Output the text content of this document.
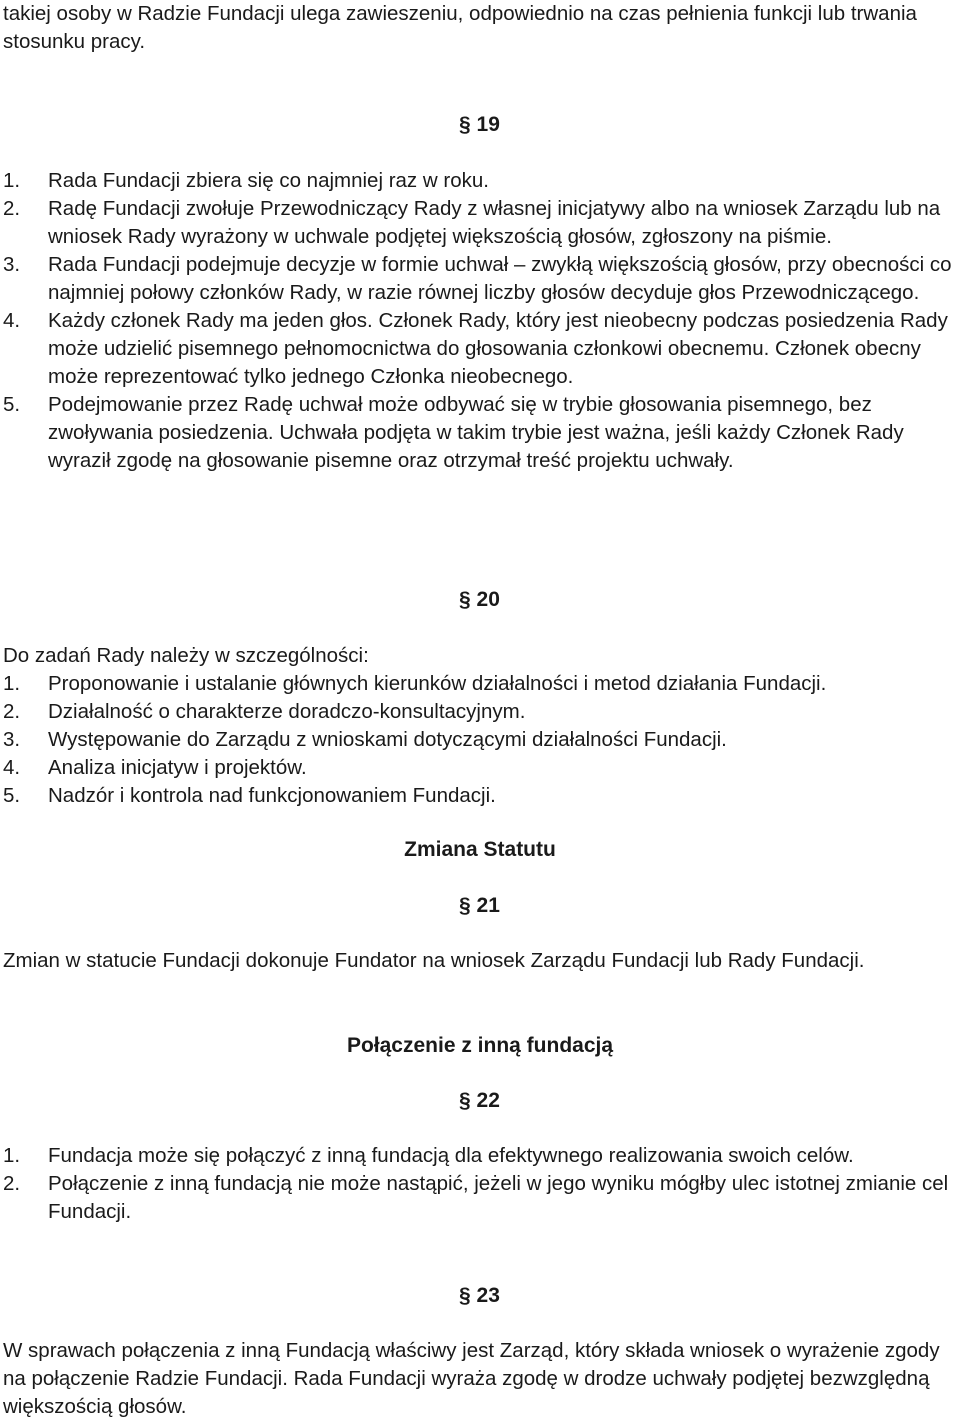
takiej osoby w Radzie Fundacji ulega zawieszeniu, odpowiednio na czas pełnienia funkcji lub trwania stosunku pracy.

§ 19
1.	Rada Fundacji zbiera się co najmniej raz w roku.
2.	Radę Fundacji zwołuje Przewodniczący Rady z własnej inicjatywy albo na wniosek Zarządu lub na wniosek Rady wyrażony w uchwale podjętej większością głosów, zgłoszony na piśmie.
3.	Rada Fundacji podejmuje decyzje w formie uchwał – zwykłą większością głosów, przy obecności co najmniej połowy członków Rady, w razie równej liczby głosów decyduje głos Przewodniczącego.
4.	Każdy członek Rady ma jeden głos. Członek Rady, który jest nieobecny podczas posiedzenia Rady może udzielić pisemnego pełnomocnictwa do głosowania członkowi obecnemu. Członek obecny może reprezentować tylko jednego Członka nieobecnego.
5.	Podejmowanie przez Radę uchwał może odbywać się w trybie głosowania pisemnego, bez zwoływania posiedzenia. Uchwała podjęta w takim trybie jest ważna, jeśli każdy Członek Rady wyraził zgodę na głosowanie pisemne oraz otrzymał treść projektu uchwały.
§ 20

Do zadań Rady należy w szczególności:

1.	Proponowanie i ustalanie głównych kierunków działalności i metod działania Fundacji.
2.	Działalność o charakterze doradczo-konsultacyjnym.
3.	Występowanie do Zarządu z wnioskami dotyczącymi działalności Fundacji.
4.	Analiza inicjatyw i projektów.
5.	Nadzór i kontrola nad funkcjonowaniem Fundacji.
Zmiana Statutu
§ 21

Zmian w statucie Fundacji dokonuje Fundator na wniosek Zarządu Fundacji lub Rady Fundacji.

Połączenie z inną fundacją
§ 22
1.	Fundacja może się połączyć z inną fundacją dla efektywnego realizowania swoich celów.
2.	Połączenie z inną fundacją nie może nastąpić, jeżeli w jego wyniku mógłby ulec istotnej zmianie cel Fundacji.
§ 23

W sprawach połączenia z inną Fundacją właściwy jest Zarząd, który składa wniosek o wyrażenie zgody na połączenie Radzie Fundacji. Rada Fundacji wyraża zgodę w drodze uchwały podjętej bezwzględną większością głosów.
